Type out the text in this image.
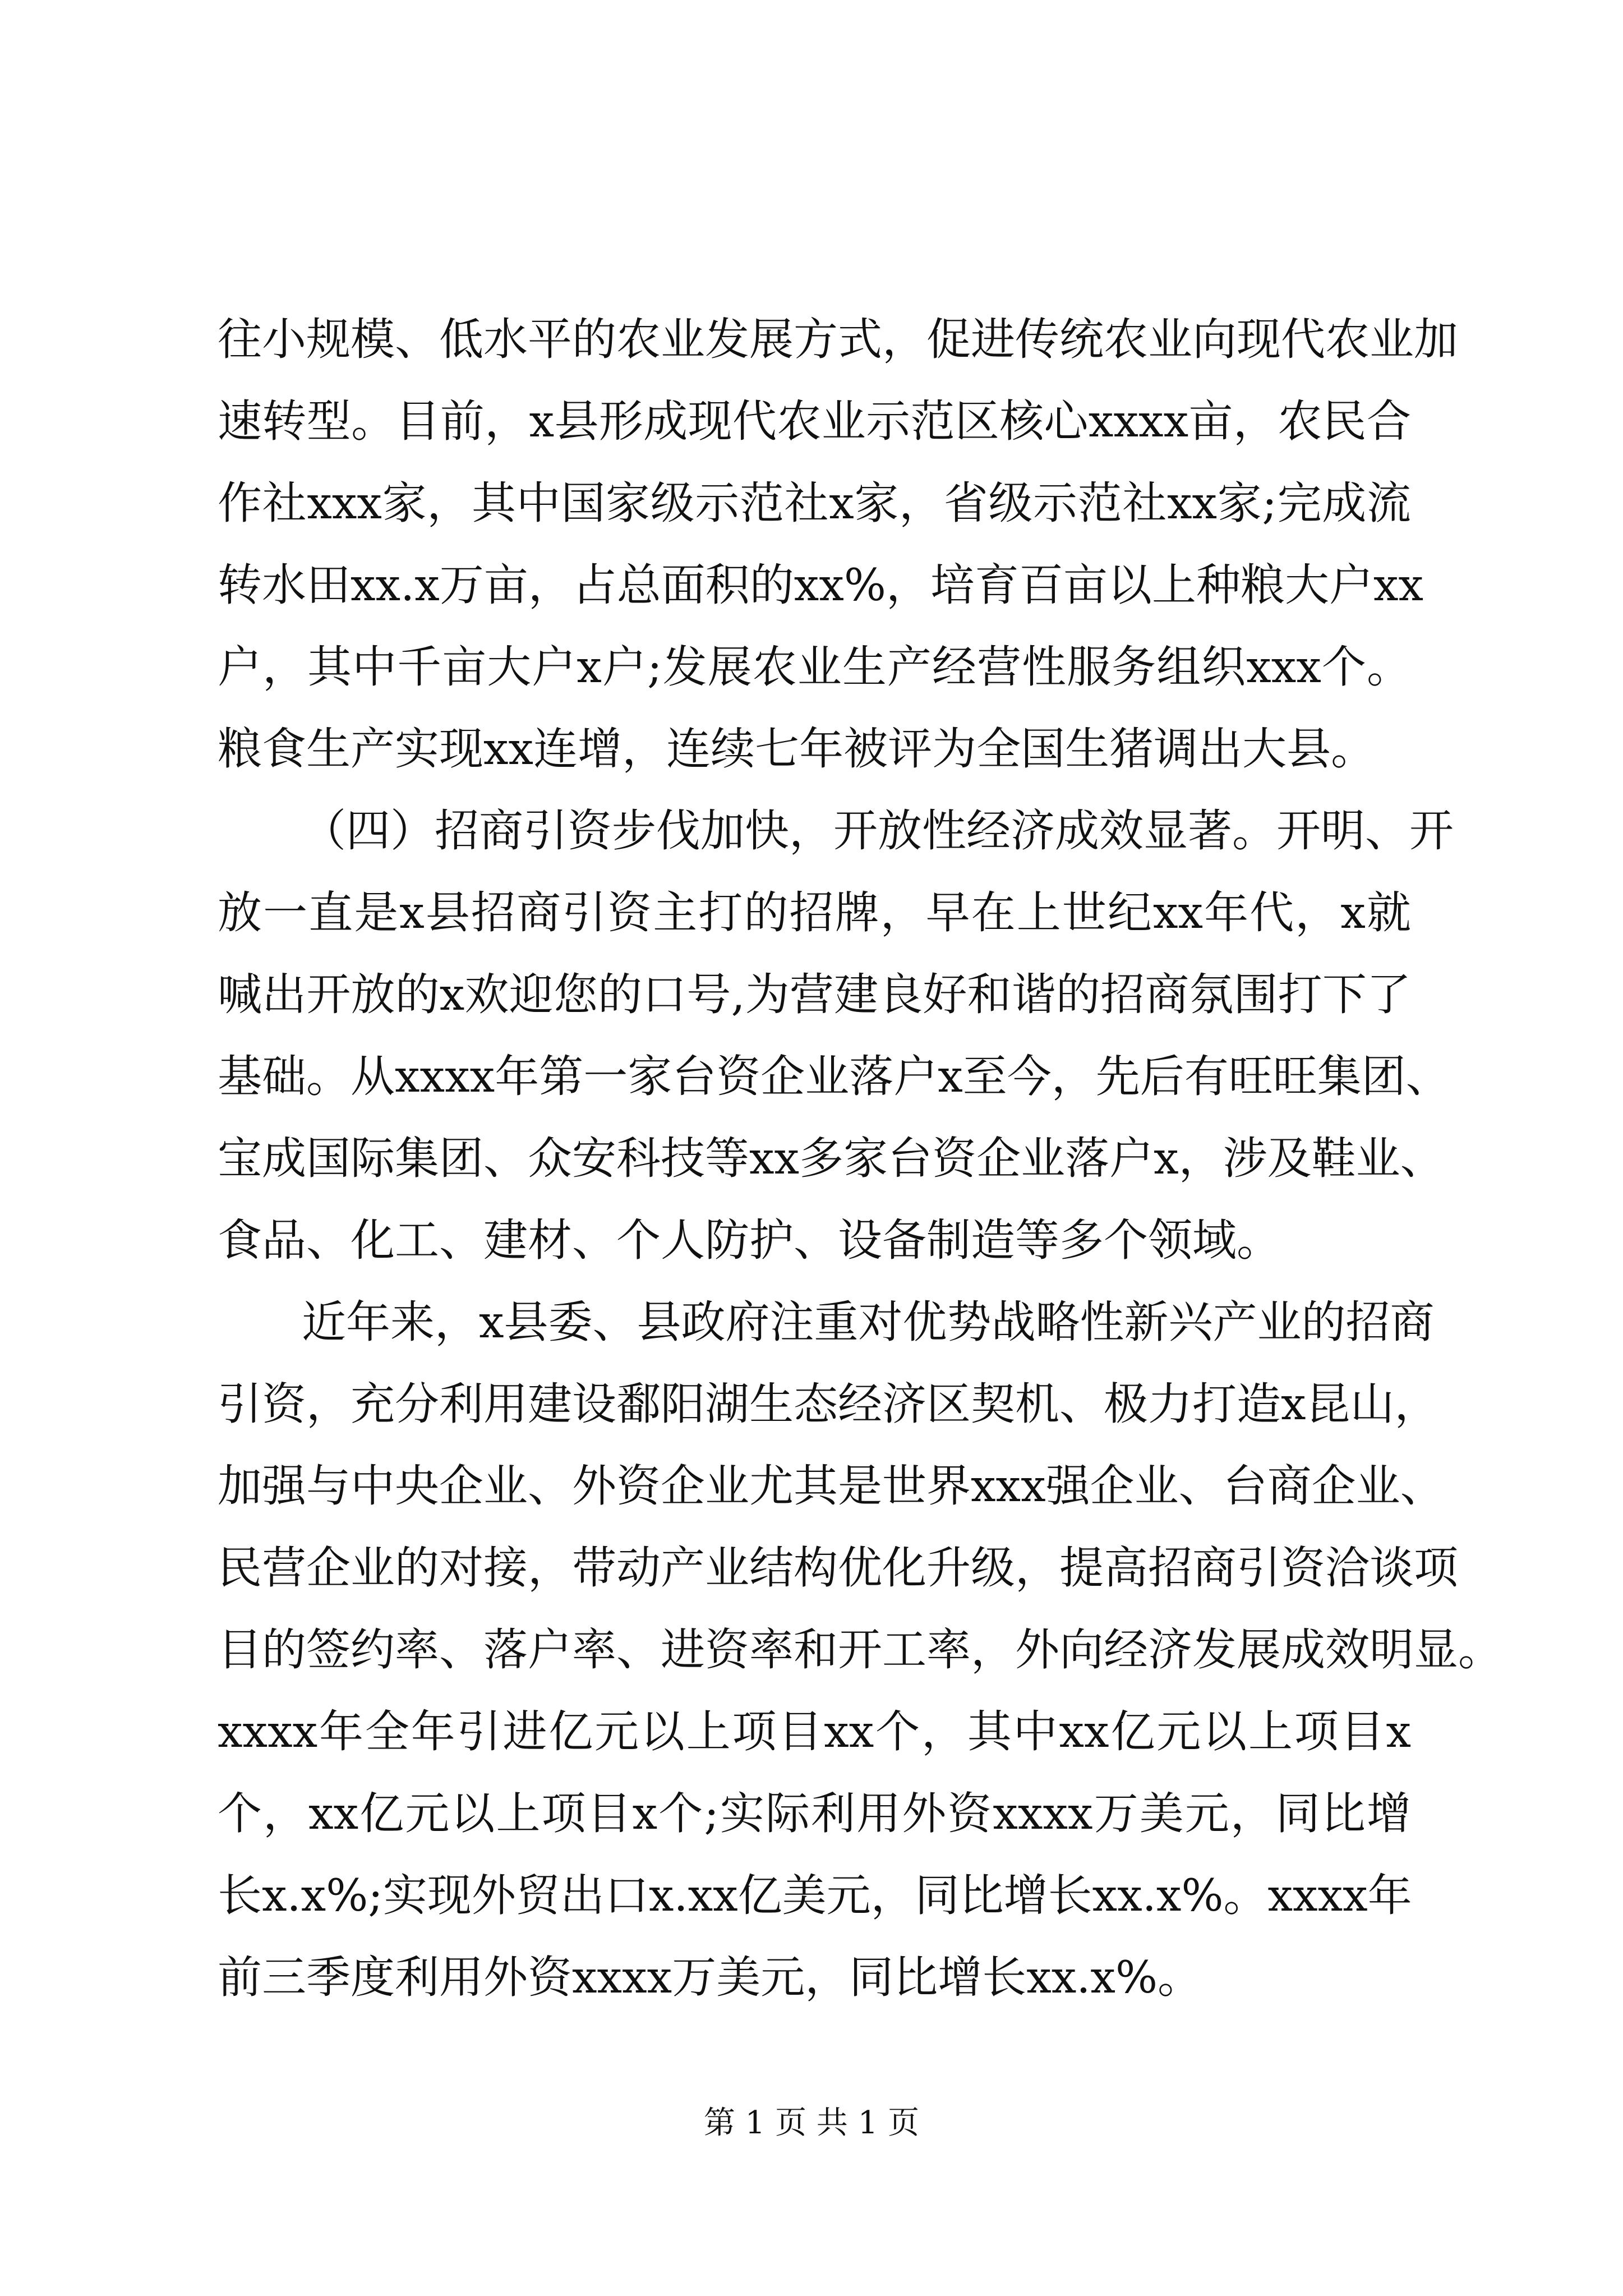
往小规模、低水平的农业发展方式，促进传统农业向现代农业加
速转型。目前，x县形成现代农业示范区核心xxxx亩，农民合
作社xxx家，其中国家级示范社x家，省级示范社xx家;完成流
转水田xx.x万亩，占总面积的xx%，培育百亩以上种粮大户xx
户，其中千亩大户x户;发展农业生产经营性服务组织xxx个。
粮食生产实现xx连增，连续七年被评为全国生猪调出大县。
（四）招商引资步伐加快，开放性经济成效显著。开明、开
放一直是x县招商引资主打的招牌，早在上世纪xx年代，x就
喊出开放的x欢迎您的口号,为营建良好和谐的招商氛围打下了
基础。从xxxx年第一家台资企业落户x至今，先后有旺旺集团、
宝成国际集团、众安科技等xx多家台资企业落户x，涉及鞋业、
食品、化工、建材、个人防护、设备制造等多个领域。
近年来，x县委、县政府注重对优势战略性新兴产业的招商
引资，充分利用建设鄱阳湖生态经济区契机、极力打造x昆山，
加强与中央企业、外资企业尤其是世界xxx强企业、台商企业、
民营企业的对接，带动产业结构优化升级，提高招商引资洽谈项
目的签约率、落户率、进资率和开工率，外向经济发展成效明显。
xxxx年全年引进亿元以上项目xx个，其中xx亿元以上项目x
个，xx亿元以上项目x个;实际利用外资xxxx万美元，同比增
长x.x%;实现外贸出口x.xx亿美元，同比增长xx.x%。xxxx年
前三季度利用外资xxxx万美元，同比增长xx.x%。
第 1 页 共 1 页
